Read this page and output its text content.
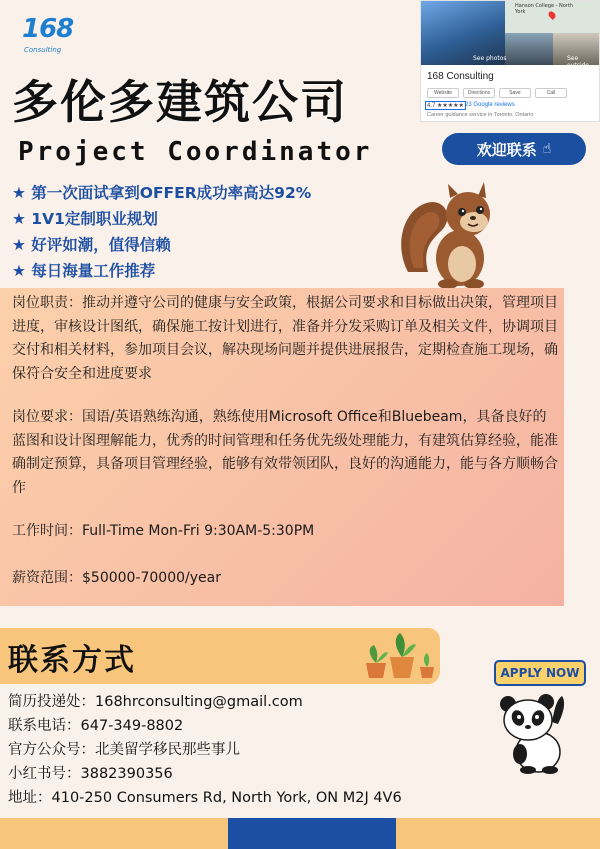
168
Consulting
Hanson College - North York
See photos	See outside
168 Consulting
Website	Directions	Save	Call
4.7 ★★★★★ 23 Google reviews
Career guidance service in Toronto, Ontario
多伦多建筑公司
Project Coordinator	欢迎联系 ☝
★ 第一次面试拿到OFFER成功率高达92%
★ 1V1定制职业规划
★ 好评如潮，值得信赖
★ 每日海量工作推荐

岗位职责：推动并遵守公司的健康与安全政策，根据公司要求和目标做出决策，管理项目进度，审核设计图纸，确保施工按计划进行，准备并分发采购订单及相关文件，协调项目交付和相关材料，参加项目会议，解决现场问题并提供进展报告，定期检查施工现场，确保符合安全和进度要求

岗位要求：国语/英语熟练沟通，熟练使用Microsoft Office和Bluebeam，具备良好的蓝图和设计图理解能力，优秀的时间管理和任务优先级处理能力，有建筑估算经验，能准确制定预算，具备项目管理经验，能够有效带领团队，良好的沟通能力，能与各方顺畅合作

工作时间：Full-Time Mon-Fri 9:30AM-5:30PM

薪资范围：$50000-70000/year

联系方式	APPLY NOW
简历投递处：168hrconsulting@gmail.com
联系电话：647-349-8802
官方公众号：北美留学移民那些事儿
小红书号：3882390356
地址：410-250 Consumers Rd, North York, ON M2J 4V6
